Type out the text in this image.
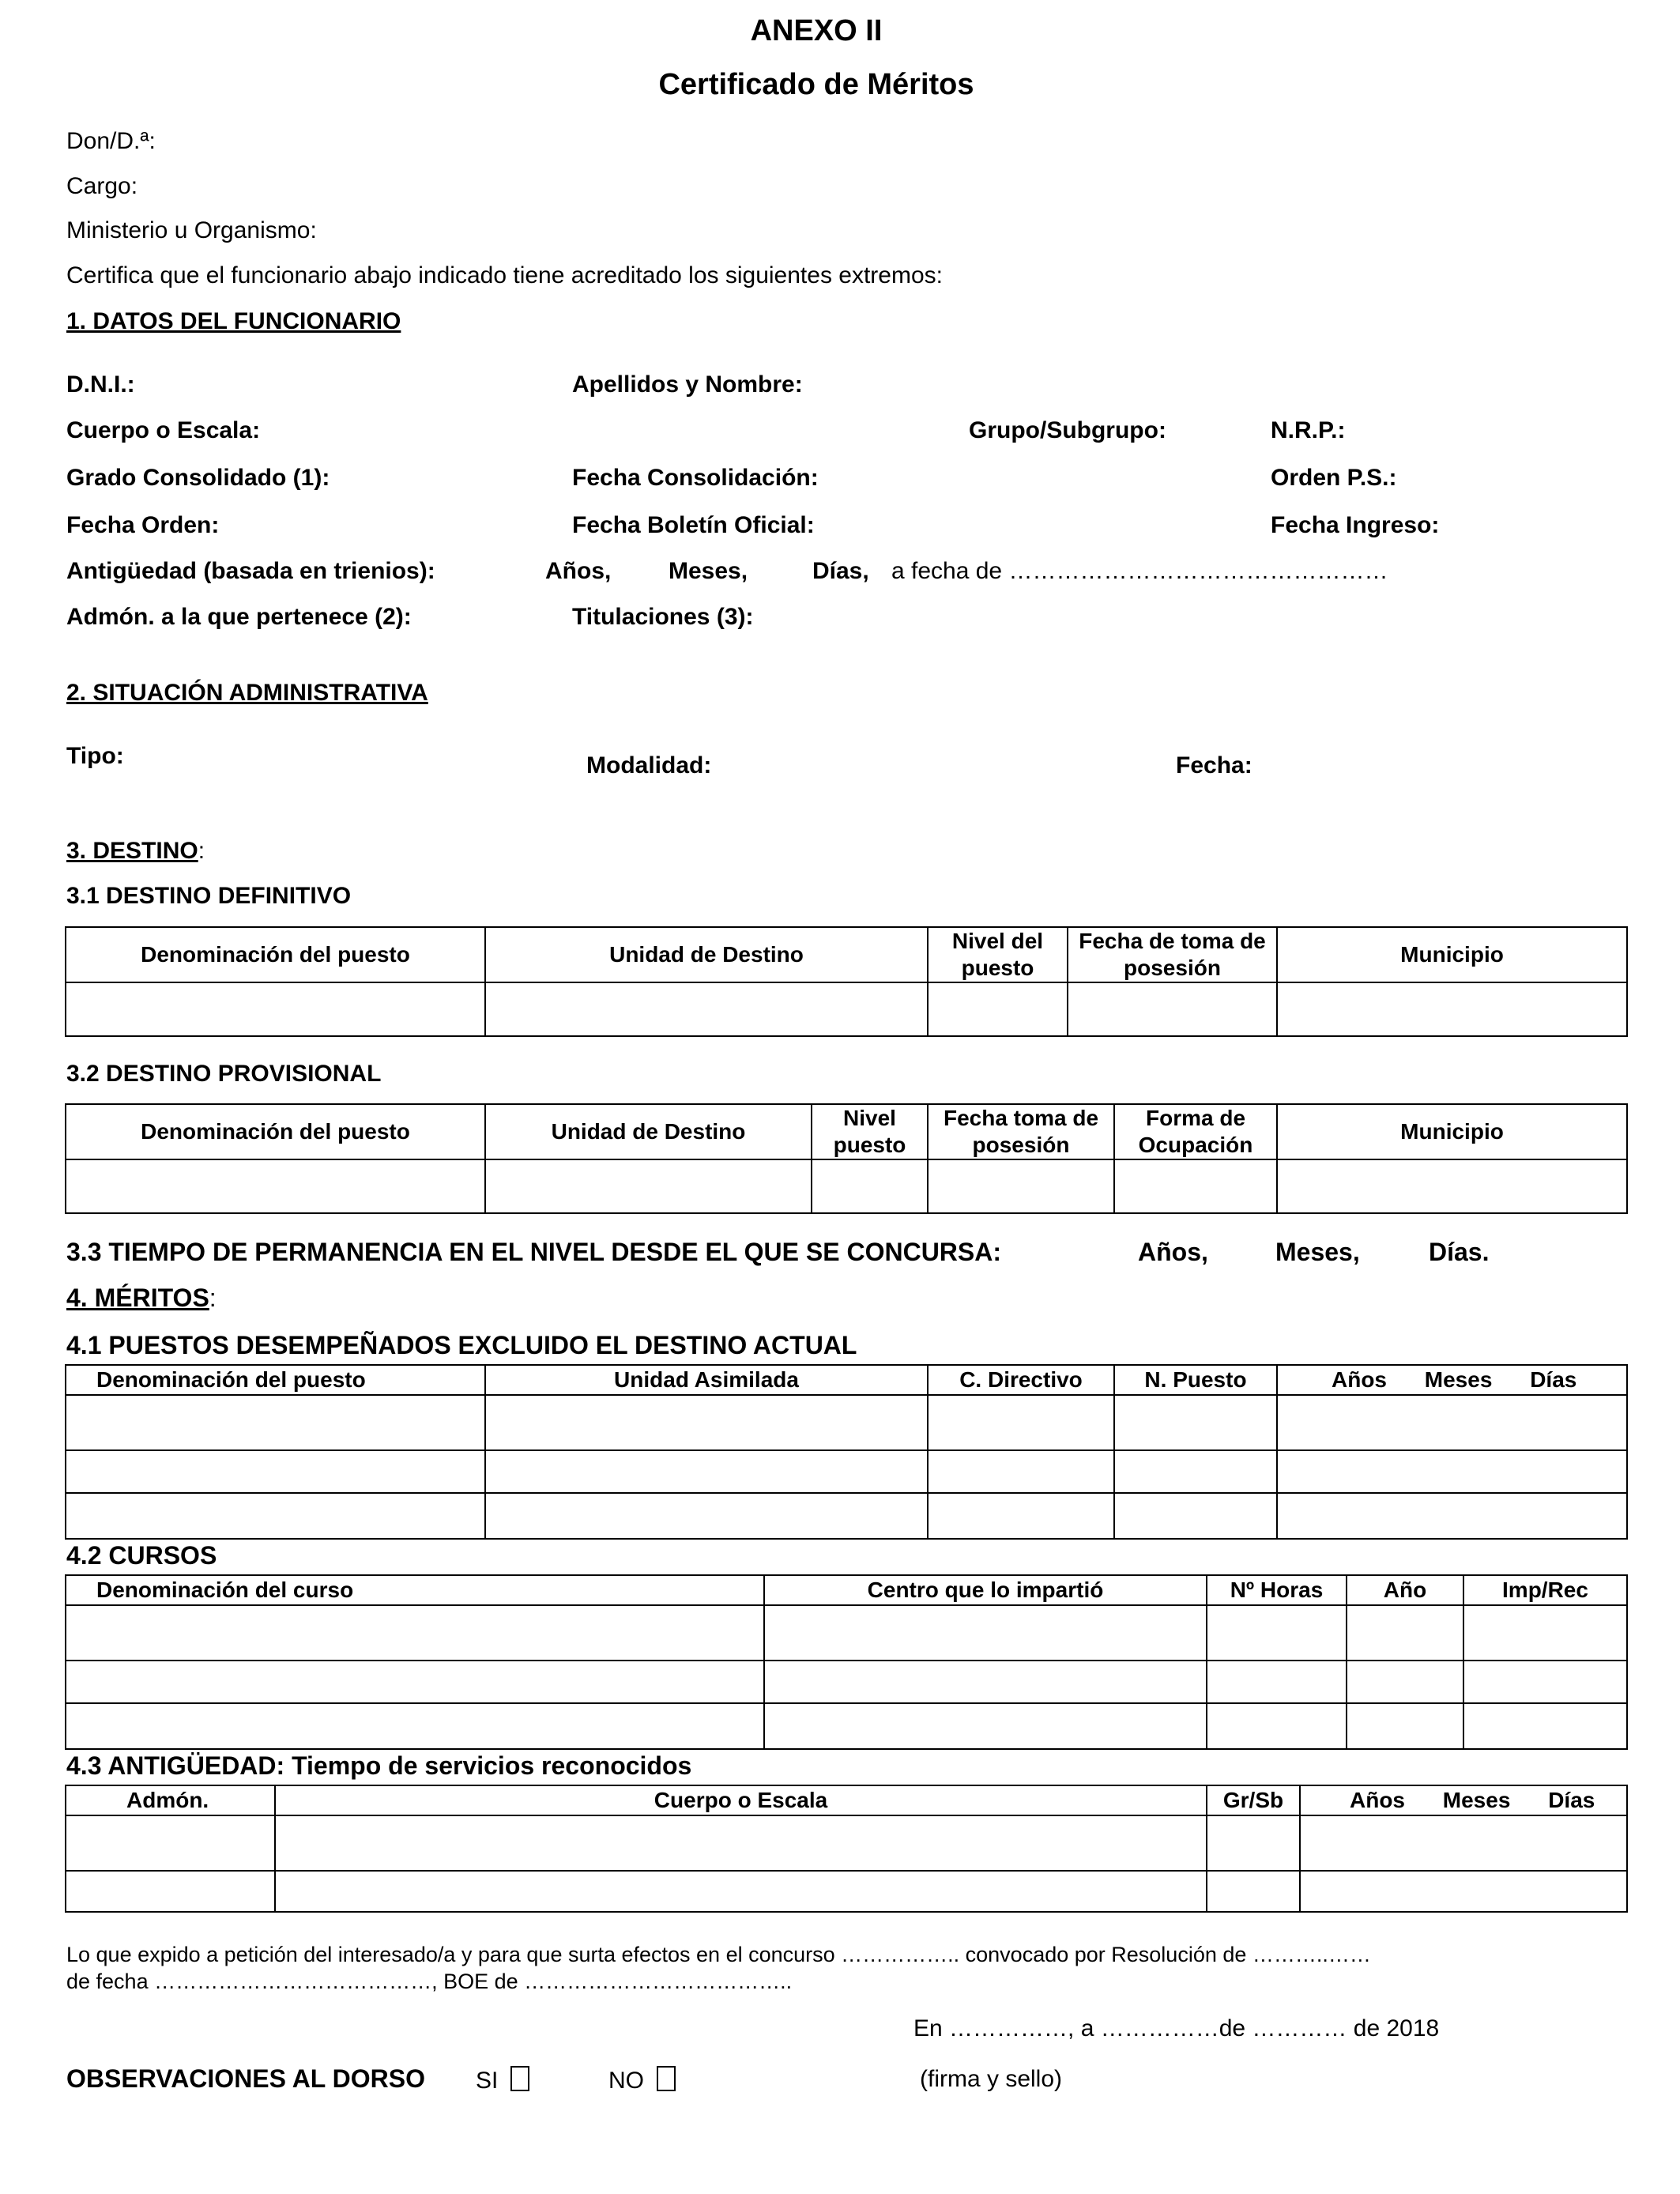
ANEXO II
Certificado de Méritos
Don/D.ª:
Cargo:
Ministerio u Organismo:
Certifica que el funcionario abajo indicado tiene acreditado los siguientes extremos:
1. DATOS DEL FUNCIONARIO
D.N.I.:	Apellidos y Nombre:
Cuerpo o Escala:	Grupo/Subgrupo:	N.R.P.:
Grado Consolidado (1):	Fecha Consolidación:	Orden P.S.:
Fecha Orden:	Fecha Boletín Oficial:	Fecha Ingreso:
Antigüedad (basada en trienios):	Años, Meses,	Días, a fecha de …………………………………………
Admón. a la que pertenece (2):	Titulaciones (3):
2. SITUACIÓN ADMINISTRATIVA
Tipo:	Modalidad:	Fecha:
3. DESTINO:
3.1 DESTINO DEFINITIVO
Denominación del puesto	Unidad de Destino	Nivel del puesto	Fecha de toma de posesión	Municipio

3.2 DESTINO PROVISIONAL
Denominación del puesto	Unidad de Destino	Nivel puesto	Fecha toma de posesión	Forma de Ocupación	Municipio

3.3 TIEMPO DE PERMANENCIA EN EL NIVEL DESDE EL QUE SE CONCURSA:	Años,	Meses,	Días.
4. MÉRITOS:
4.1 PUESTOS DESEMPEÑADOS EXCLUIDO EL DESTINO ACTUAL
Denominación del puesto	Unidad Asimilada	C. Directivo	N. Puesto	Años Meses Días

4.2 CURSOS
Denominación del curso	Centro que lo impartió	Nº Horas	Año	Imp/Rec

4.3 ANTIGÜEDAD: Tiempo de servicios reconocidos
Admón.	Cuerpo o Escala	Gr/Sb	Años Meses Días

Lo que expido a petición del interesado/a y para que surta efectos en el concurso …………….. convocado por Resolución de ………..……
de fecha …………………………………, BOE de ………………………………..
En ……………, a ……………de ………… de 2018
OBSERVACIONES AL DORSO SI	NO	(firma y sello)
